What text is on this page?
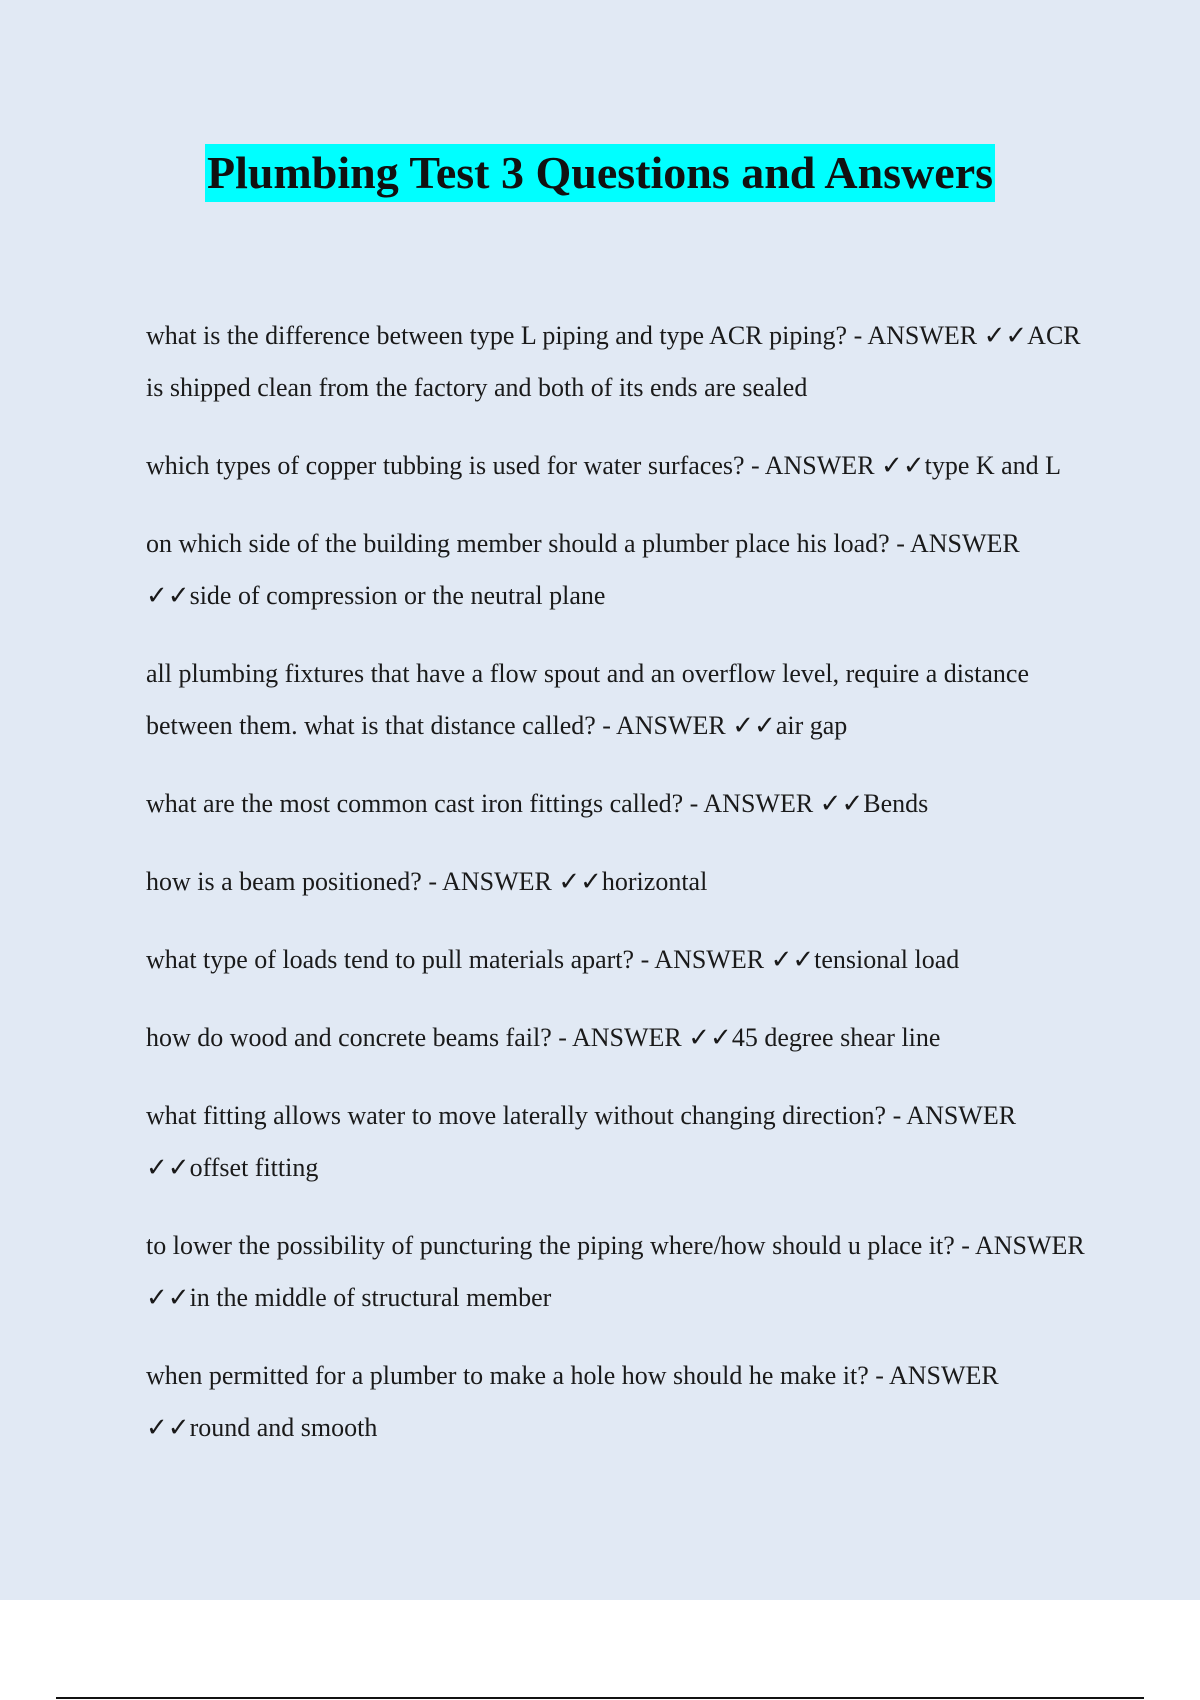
Plumbing Test 3 Questions and Answers

what is the difference between type L piping and type ACR piping? - ANSWER ✓✓ACR is shipped clean from the factory and both of its ends are sealed

which types of copper tubbing is used for water surfaces? - ANSWER ✓✓type K and L

on which side of the building member should a plumber place his load? - ANSWER ✓✓side of compression or the neutral plane

all plumbing fixtures that have a flow spout and an overflow level, require a distance between them. what is that distance called? - ANSWER ✓✓air gap

what are the most common cast iron fittings called? - ANSWER ✓✓Bends

how is a beam positioned? - ANSWER ✓✓horizontal

what type of loads tend to pull materials apart? - ANSWER ✓✓tensional load

how do wood and concrete beams fail? - ANSWER ✓✓45 degree shear line

what fitting allows water to move laterally without changing direction? - ANSWER ✓✓offset fitting

to lower the possibility of puncturing the piping where/how should u place it? - ANSWER ✓✓in the middle of structural member

when permitted for a plumber to make a hole how should he make it? - ANSWER ✓✓round and smooth
